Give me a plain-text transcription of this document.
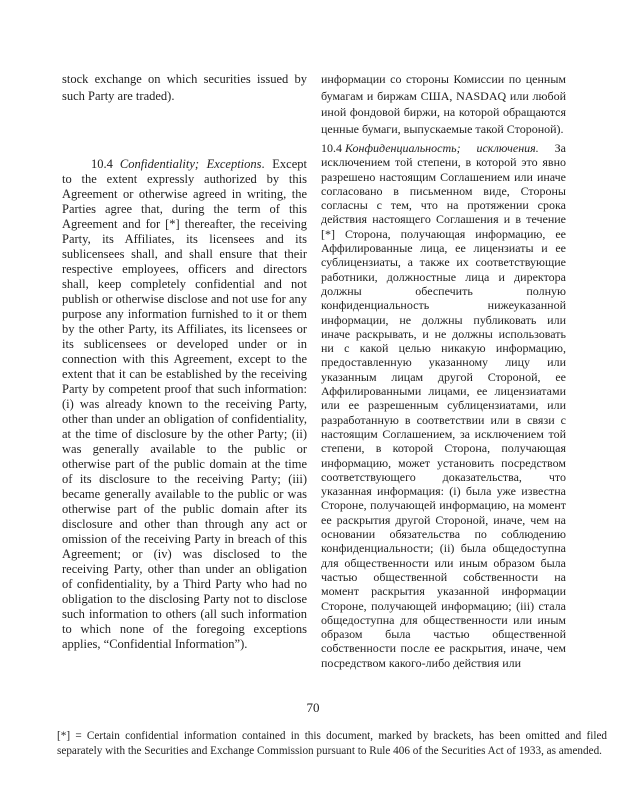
stock exchange on which securities issued by such Party are traded).

10.4 Confidentiality; Exceptions. Except to the extent expressly authorized by this Agreement or otherwise agreed in writing, the Parties agree that, during the term of this Agreement and for [*] thereafter, the receiving Party, its Affiliates, its licensees and its sublicensees shall, and shall ensure that their respective employees, officers and directors shall, keep completely confidential and not publish or otherwise disclose and not use for any purpose any information furnished to it or them by the other Party, its Affiliates, its licensees or its sublicensees or developed under or in connection with this Agreement, except to the extent that it can be established by the receiving Party by competent proof that such information: (i) was already known to the receiving Party, other than under an obligation of confidentiality, at the time of disclosure by the other Party; (ii) was generally available to the public or otherwise part of the public domain at the time of its disclosure to the receiving Party; (iii) became generally available to the public or was otherwise part of the public domain after its disclosure and other than through any act or omission of the receiving Party in breach of this Agreement; or (iv) was disclosed to the receiving Party, other than under an obligation of confidentiality, by a Third Party who had no obligation to the disclosing Party not to disclose such information to others (all such information to which none of the foregoing exceptions applies, “Confidential Information”).

информации со стороны Комиссии по ценным бумагам и биржам США, NASDAQ или любой иной фондовой биржи, на которой обращаются ценные бумаги, выпускаемые такой Стороной).

10.4 Конфиденциальность; исключения. За исключением той степени, в которой это явно разрешено настоящим Соглашением или иначе согласовано в письменном виде, Стороны согласны с тем, что на протяжении срока действия настоящего Соглашения и в течение [*] Сторона, получающая информацию, ее Аффилированные лица, ее лицензиаты и ее сублицензиаты, а также их соответствующие работники, должностные лица и директора должны обеспечить полную конфиденциальность нижеуказанной информации, не должны публиковать или иначе раскрывать, и не должны использовать ни с какой целью никакую информацию, предоставленную указанному лицу или указанным лицам другой Стороной, ее Аффилированными лицами, ее лицензиатами или ее разрешенным сублицензиатами, или разработанную в соответствии или в связи с настоящим Соглашением, за исключением той степени, в которой Сторона, получающая информацию, может установить посредством соответствующего доказательства, что указанная информация: (i) была уже известна Стороне, получающей информацию, на момент ее раскрытия другой Стороной, иначе, чем на основании обязательства по соблюдению конфиденциальности; (ii) была общедоступна для общественности или иным образом была частью общественной собственности на момент раскрытия указанной информации Стороне, получающей информацию; (iii) стала общедоступна для общественности или иным образом была частью общественной собственности после ее раскрытия, иначе, чем посредством какого-либо действия или

70
[*] = Certain confidential information contained in this document, marked by brackets, has been omitted and filed separately with the Securities and Exchange Commission pursuant to Rule 406 of the Securities Act of 1933, as amended.
